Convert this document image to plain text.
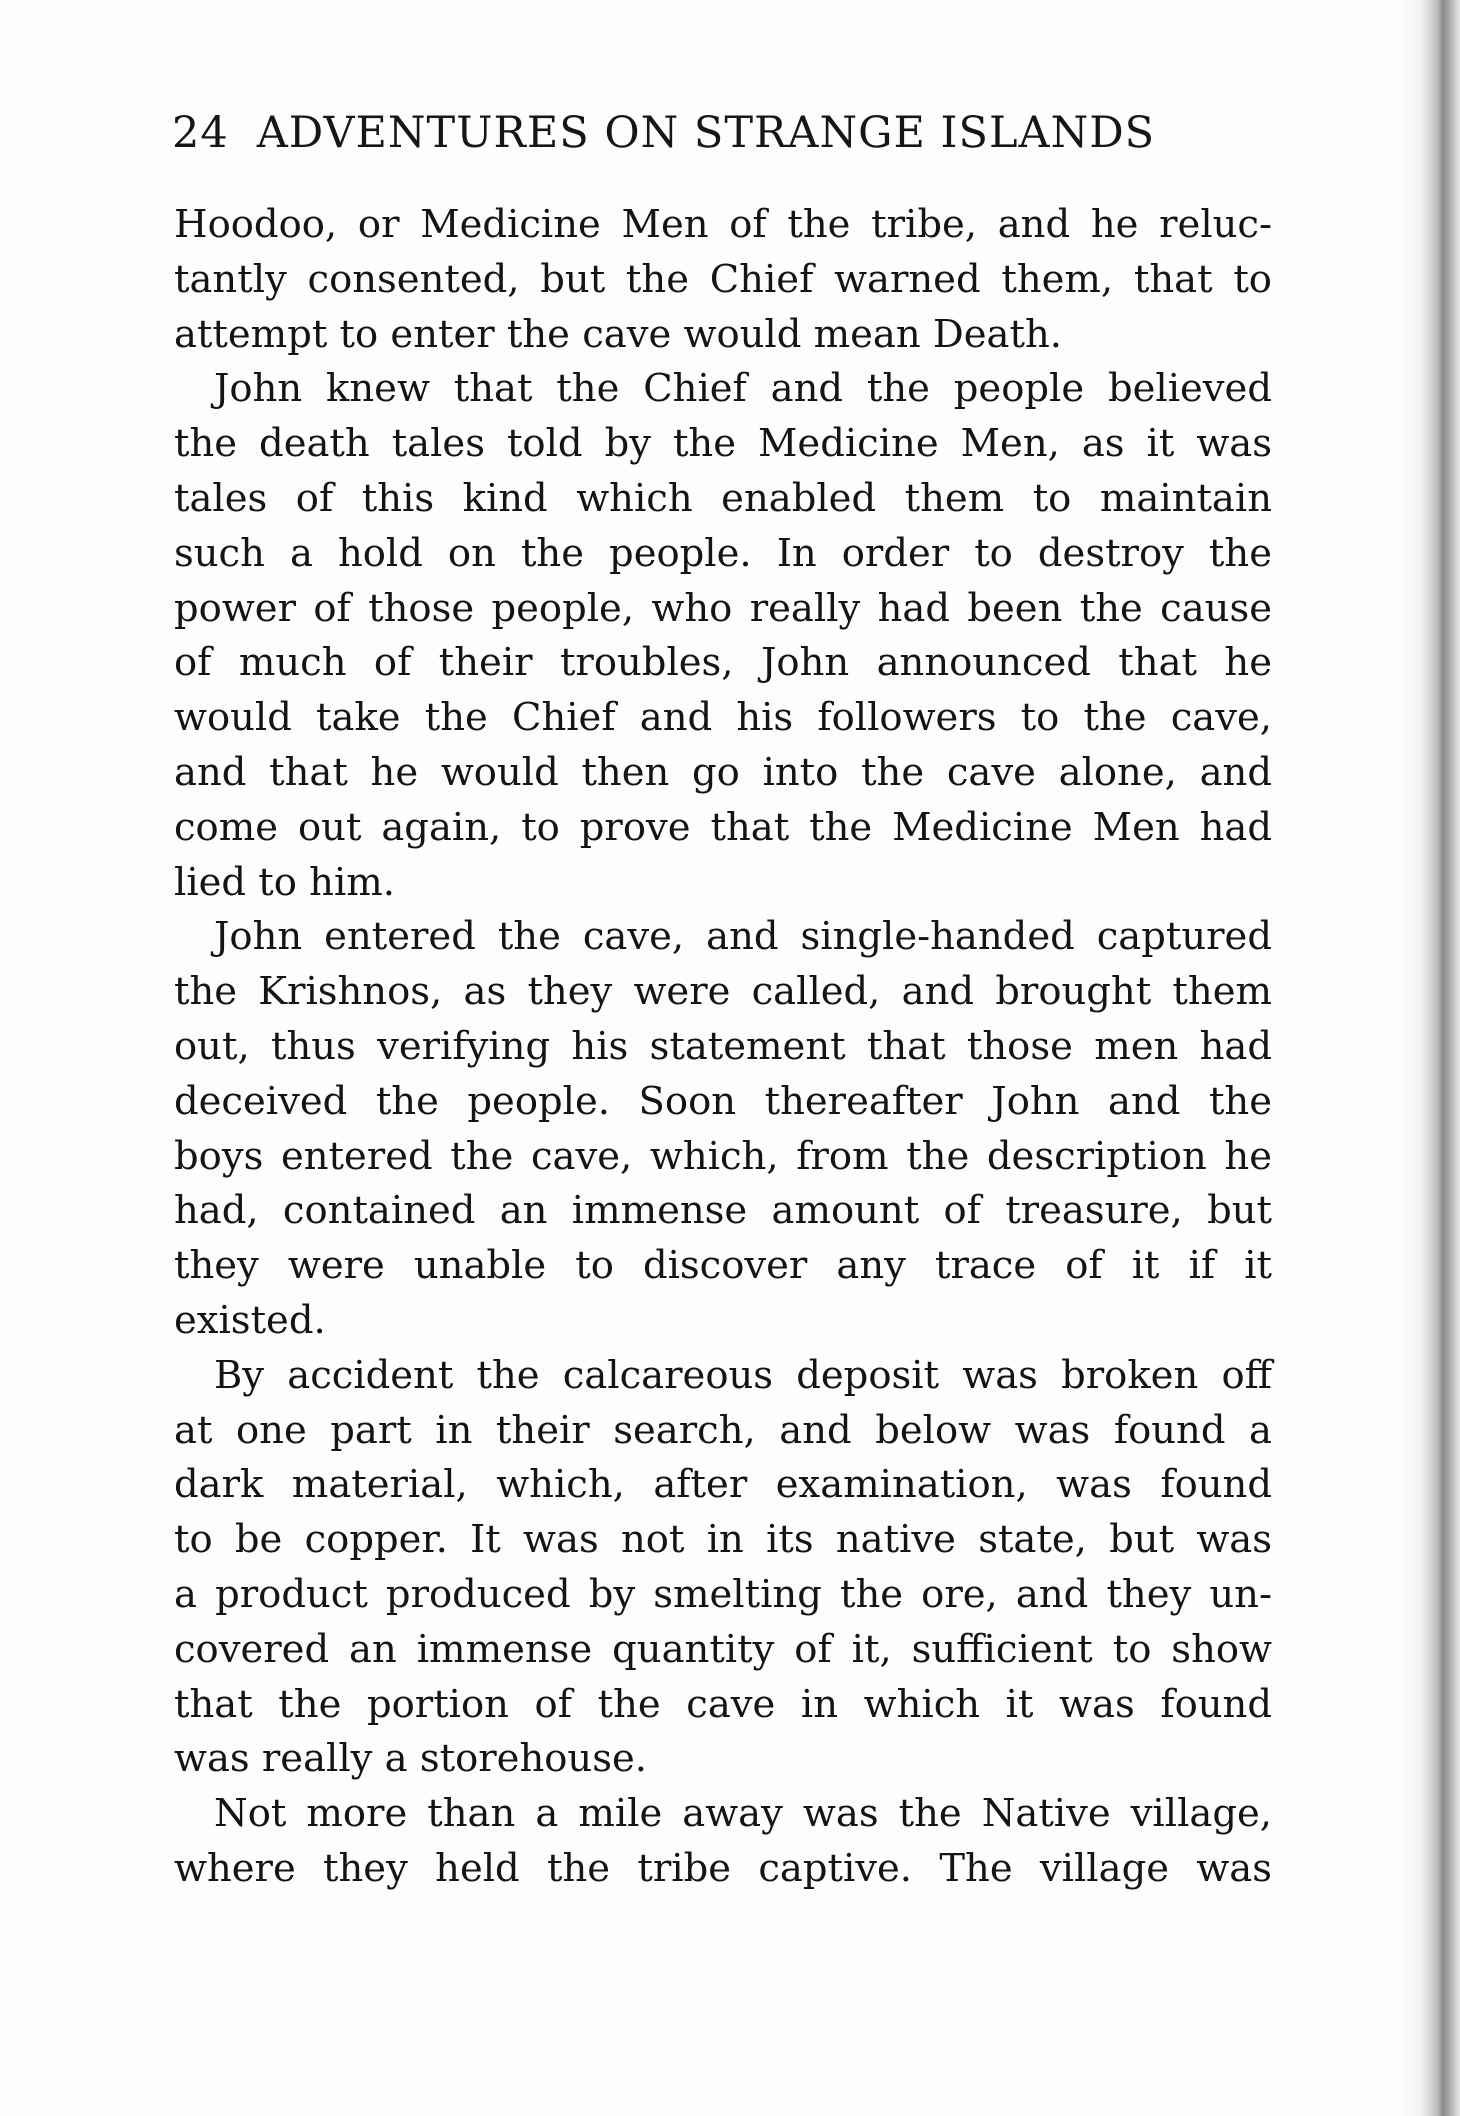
24 ADVENTURES ON STRANGE ISLANDS
Hoodoo, or Medicine Men of the tribe, and he reluc-
tantly consented, but the Chief warned them, that to
attempt to enter the cave would mean Death.
John knew that the Chief and the people believed
the death tales told by the Medicine Men, as it was
tales of this kind which enabled them to maintain
such a hold on the people. In order to destroy the
power of those people, who really had been the cause
of much of their troubles, John announced that he
would take the Chief and his followers to the cave,
and that he would then go into the cave alone, and
come out again, to prove that the Medicine Men had
lied to him.
John entered the cave, and single-handed captured
the Krishnos, as they were called, and brought them
out, thus verifying his statement that those men had
deceived the people. Soon thereafter John and the
boys entered the cave, which, from the description he
had, contained an immense amount of treasure, but
they were unable to discover any trace of it if it
existed.
By accident the calcareous deposit was broken off
at one part in their search, and below was found a
dark material, which, after examination, was found
to be copper. It was not in its native state, but was
a product produced by smelting the ore, and they un-
covered an immense quantity of it, sufficient to show
that the portion of the cave in which it was found
was really a storehouse.
Not more than a mile away was the Native village,
where they held the tribe captive. The village was
